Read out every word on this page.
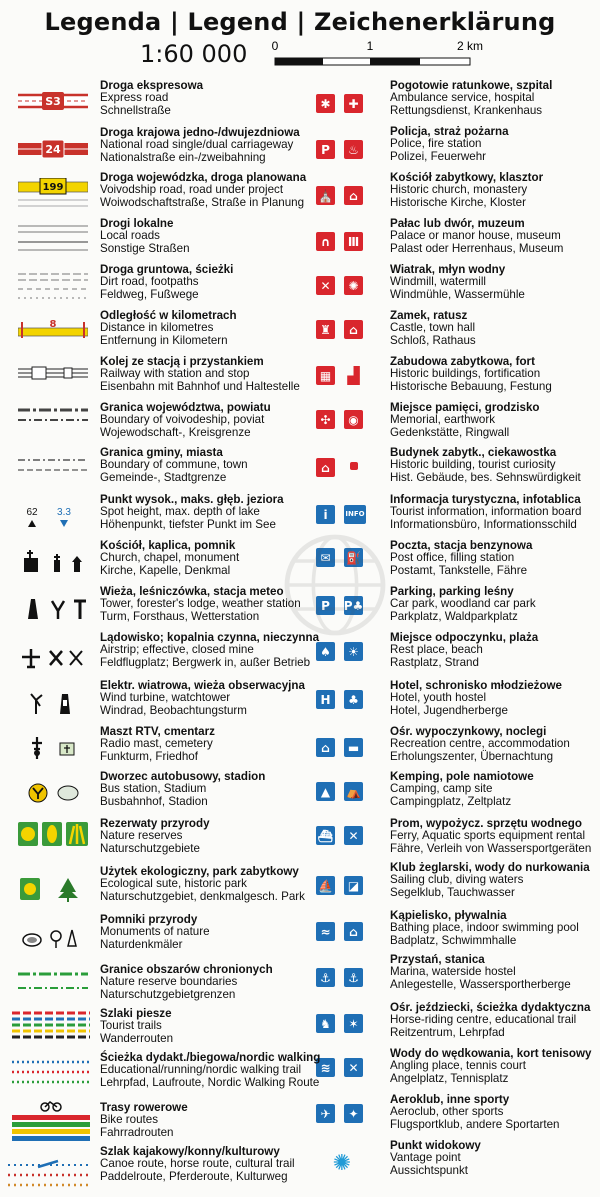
Legenda | Legend | Zeichenerklärung
1:60 000 0	1	2 km
S3
24
199
8
62 3.3
✱	✚
P	♨
⛪	⌂
∩	Ⅲ
✕	✺
♜	⌂
▦ ▟
✣	◉
⌂
i	INFO
✉	⛽
P	P♣
♠	☀
H	♣
⌂	▬
▲	⛺
⛴	✕
⛵	◪
≈	⌂
⚓	⚓
♞	✶
≋	✕
✈	✦
✺
Droga ekspresowa
Express road
Schnellstraße
Droga krajowa jedno-/dwujezdniowa
National road single/dual carriageway
Nationalstraße ein-/zweibahning
Droga wojewódzka, droga planowana
Voivodship road, road under project
Woiwodschaftstraße, Straße in Planung
Drogi lokalne
Local roads
Sonstige Straßen
Droga gruntowa, ścieżki
Dirt road, footpaths
Feldweg, Fußwege
Odległość w kilometrach
Distance in kilometres
Entfernung in Kilometern
Kolej ze stacją i przystankiem
Railway with station and stop
Eisenbahn mit Bahnhof und Haltestelle
Granica województwa, powiatu
Boundary of voivodeship, poviat
Wojewodschaft-, Kreisgrenze
Granica gminy, miasta
Boundary of commune, town
Gemeinde-, Stadtgrenze
Punkt wysok., maks. głęb. jeziora
Spot height, max. depth of lake
Höhenpunkt, tiefster Punkt im See
Kościół, kaplica, pomnik
Church, chapel, monument
Kirche, Kapelle, Denkmal
Wieża, leśniczówka, stacja meteo
Tower, forester's lodge, weather station
Turm, Forsthaus, Wetterstation
Lądowisko; kopalnia czynna, nieczynna
Airstrip; effective, closed mine
Feldflugplatz; Bergwerk in, außer Betrieb
Elektr. wiatrowa, wieża obserwacyjna
Wind turbine, watchtower
Windrad, Beobachtungsturm
Maszt RTV, cmentarz
Radio mast, cemetery
Funkturm, Friedhof
Dworzec autobusowy, stadion
Bus station, Stadium
Busbahnhof, Stadion
Rezerwaty przyrody
Nature reserves
Naturschutzgebiete
Użytek ekologiczny, park zabytkowy
Ecological sute, historic park
Naturschutzgebiet, denkmalgesch. Park
Pomniki przyrody
Monuments of nature
Naturdenkmäler
Granice obszarów chronionych
Nature reserve boundaries
Naturschutzgebietgrenzen
Szlaki piesze
Tourist trails
Wanderrouten
Ścieżka dydakt./biegowa/nordic walking
Educational/running/nordic walking trail
Lehrpfad, Laufroute, Nordic Walking Route
Trasy rowerowe
Bike routes
Fahrradrouten
Szlak kajakowy/konny/kulturowy
Canoe route, horse route, cultural trail
Paddelroute, Pferderoute, Kulturweg
Pogotowie ratunkowe, szpital
Ambulance service, hospital
Rettungsdienst, Krankenhaus
Policja, straż pożarna
Police, fire station
Polizei, Feuerwehr
Kościół zabytkowy, klasztor
Historic church, monastery
Historische Kirche, Kloster
Pałac lub dwór, muzeum
Palace or manor house, museum
Palast oder Herrenhaus, Museum
Wiatrak, młyn wodny
Windmill, watermill
Windmühle, Wassermühle
Zamek, ratusz
Castle, town hall
Schloß, Rathaus
Zabudowa zabytkowa, fort
Historic buildings, fortification
Historische Bebauung, Festung
Miejsce pamięci, grodzisko
Memorial, earthwork
Gedenkstätte, Ringwall
Budynek zabytk., ciekawostka
Historic building, tourist curiosity
Hist. Gebäude, bes. Sehnswürdigkeit
Informacja turystyczna, infotablica
Tourist information, information board
Informationsbüro, Informationsschild
Poczta, stacja benzynowa
Post office, filling station
Postamt, Tankstelle, Fähre
Parking, parking leśny
Car park, woodland car park
Parkplatz, Waldparkplatz
Miejsce odpoczynku, plaża
Rest place, beach
Rastplatz, Strand
Hotel, schronisko młodzieżowe
Hotel, youth hostel
Hotel, Jugendherberge
Ośr. wypoczynkowy, noclegi
Recreation centre, accommodation
Erholungszenter, Übernachtung
Kemping, pole namiotowe
Camping, camp site
Campingplatz, Zeltplatz
Prom, wypożycz. sprzętu wodnego
Ferry, Aquatic sports equipment rental
Fähre, Verleih von Wassersportgeräten
Klub żeglarski, wody do nurkowania
Sailing club, diving waters
Segelklub, Tauchwasser
Kąpielisko, pływalnia
Bathing place, indoor swimming pool
Badplatz, Schwimmhalle
Przystań, stanica
Marina, waterside hostel
Anlegestelle, Wassersportherberge
Ośr. jeździecki, ścieżka dydaktyczna
Horse-riding centre, educational trail
Reitzentrum, Lehrpfad
Wody do wędkowania, kort tenisowy
Angling place, tennis court
Angelplatz, Tennisplatz
Aeroklub, inne sporty
Aeroclub, other sports
Flugsportklub, andere Sportarten
Punkt widokowy
Vantage point
Aussichtspunkt
